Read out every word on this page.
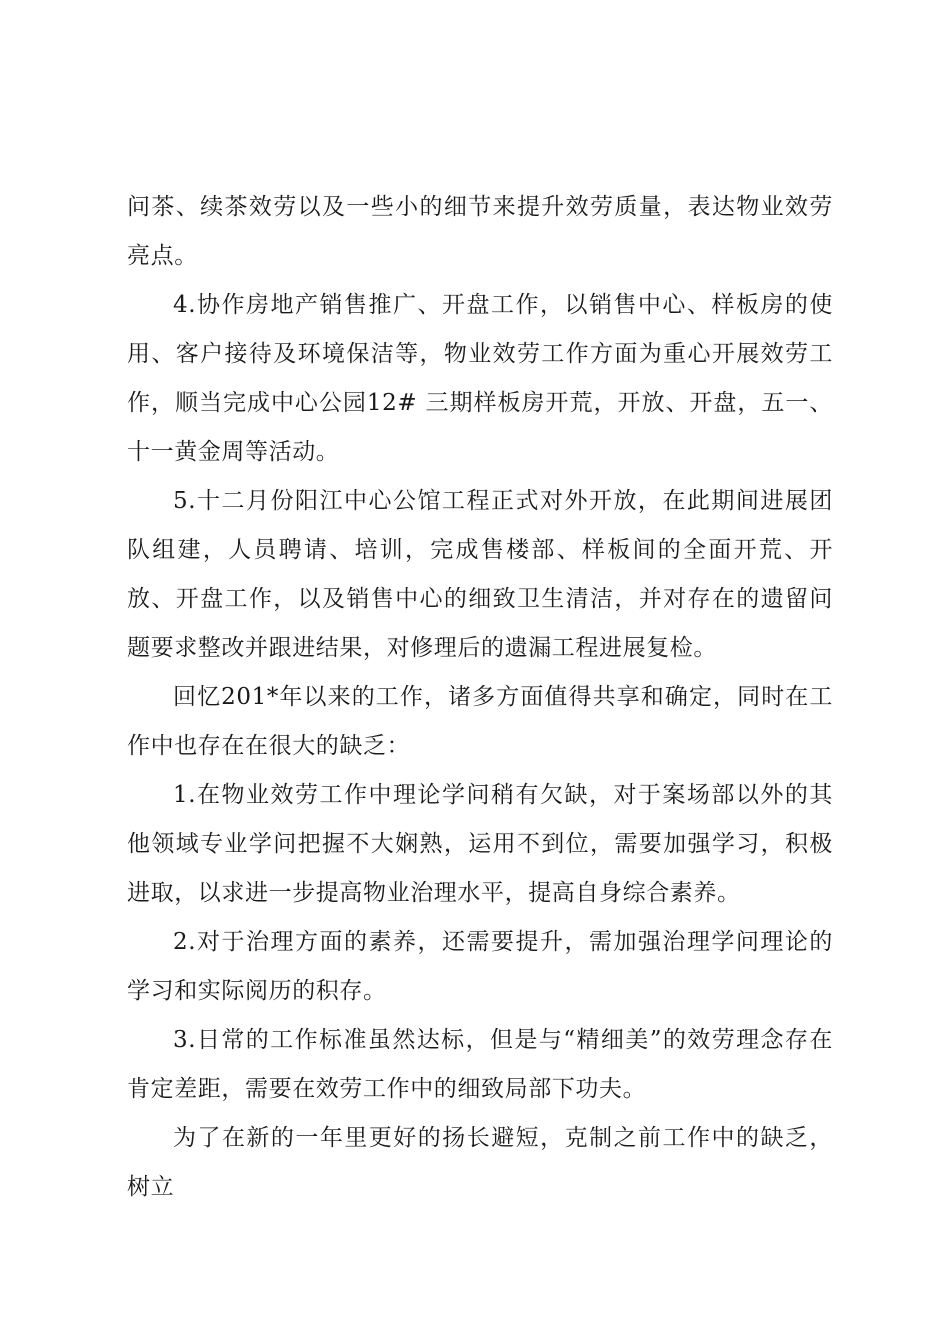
问茶、续茶效劳以及一些小的细节来提升效劳质量，表达物业效劳亮点。

4.协作房地产销售推广、开盘工作，以销售中心、样板房的使用、客户接待及环境保洁等，物业效劳工作方面为重心开展效劳工作，顺当完成中心公园12# 三期样板房开荒，开放、开盘，五一、十一黄金周等活动。

5.十二月份阳江中心公馆工程正式对外开放，在此期间进展团队组建，人员聘请、培训，完成售楼部、样板间的全面开荒、开放、开盘工作，以及销售中心的细致卫生清洁，并对存在的遗留问题要求整改并跟进结果，对修理后的遗漏工程进展复检。

回忆201*年以来的工作，诸多方面值得共享和确定，同时在工作中也存在在很大的缺乏：

1.在物业效劳工作中理论学问稍有欠缺，对于案场部以外的其他领域专业学问把握不大娴熟，运用不到位，需要加强学习，积极进取，以求进一步提高物业治理水平，提高自身综合素养。

2.对于治理方面的素养，还需要提升，需加强治理学问理论的学习和实际阅历的积存。

3.日常的工作标准虽然达标，但是与“精细美”的效劳理念存在肯定差距，需要在效劳工作中的细致局部下功夫。

为了在新的一年里更好的扬长避短，克制之前工作中的缺乏，树立
